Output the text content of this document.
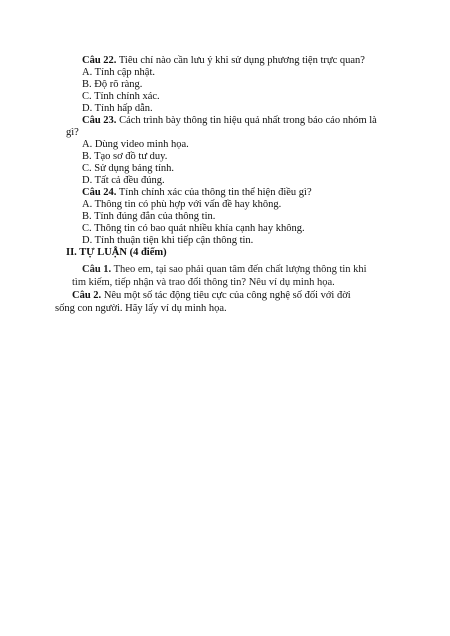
Câu 22. Tiêu chí nào cần lưu ý khi sử dụng phương tiện trực quan?
A. Tính cập nhật.
B. Độ rõ ràng.
C. Tính chính xác.
D. Tính hấp dẫn.
Câu 23. Cách trình bày thông tin hiệu quả nhất trong báo cáo nhóm là
gì?
A. Dùng video minh họa.
B. Tạo sơ đồ tư duy.
C. Sử dụng bảng tính.
D. Tất cả đều đúng.
Câu 24. Tính chính xác của thông tin thể hiện điều gì?
A. Thông tin có phù hợp với vấn đề hay không.
B. Tính đúng đắn của thông tin.
C. Thông tin có bao quát nhiều khía cạnh hay không.
D. Tính thuận tiện khi tiếp cận thông tin.
II. TỰ LUẬN (4 điểm)
Câu 1. Theo em, tại sao phải quan tâm đến chất lượng thông tin khi
tìm kiếm, tiếp nhận và trao đổi thông tin? Nêu ví dụ minh họa.
Câu 2. Nêu một số tác động tiêu cực của công nghệ số đối với đời
sống con người. Hãy lấy ví dụ minh họa.
